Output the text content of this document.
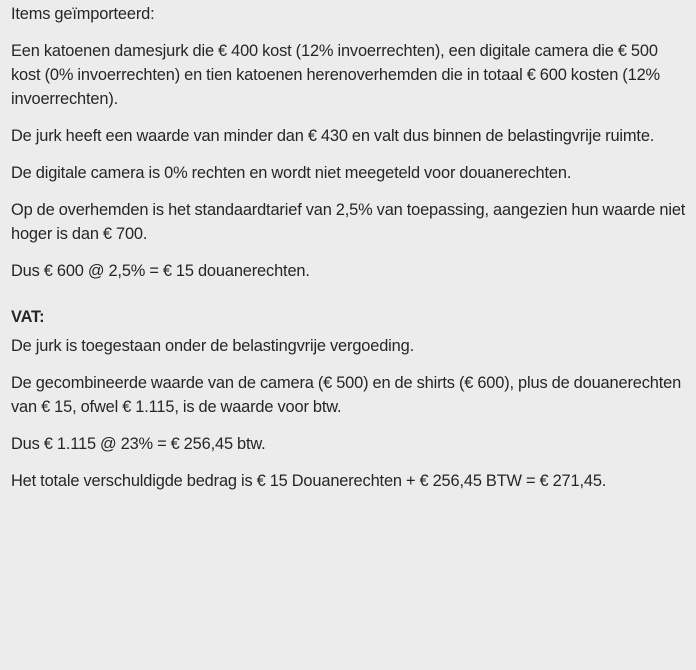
Items geïmporteerd:

Een katoenen damesjurk die € 400 kost (12% invoerrechten), een digitale camera die € 500 kost (0% invoerrechten) en tien katoenen herenoverhemden die in totaal € 600 kosten (12% invoerrechten).

De jurk heeft een waarde van minder dan € 430 en valt dus binnen de belastingvrije ruimte.

De digitale camera is 0% rechten en wordt niet meegeteld voor douanerechten.

Op de overhemden is het standaardtarief van 2,5% van toepassing, aangezien hun waarde niet hoger is dan € 700.

Dus € 600 @ 2,5% = € 15 douanerechten.

VAT:

De jurk is toegestaan onder de belastingvrije vergoeding.

De gecombineerde waarde van de camera (€ 500) en de shirts (€ 600), plus de douanerechten van € 15, ofwel € 1.115, is de waarde voor btw.

Dus € 1.115 @ 23% = € 256,45 btw.

Het totale verschuldigde bedrag is € 15 Douanerechten + € 256,45 BTW = € 271,45.
